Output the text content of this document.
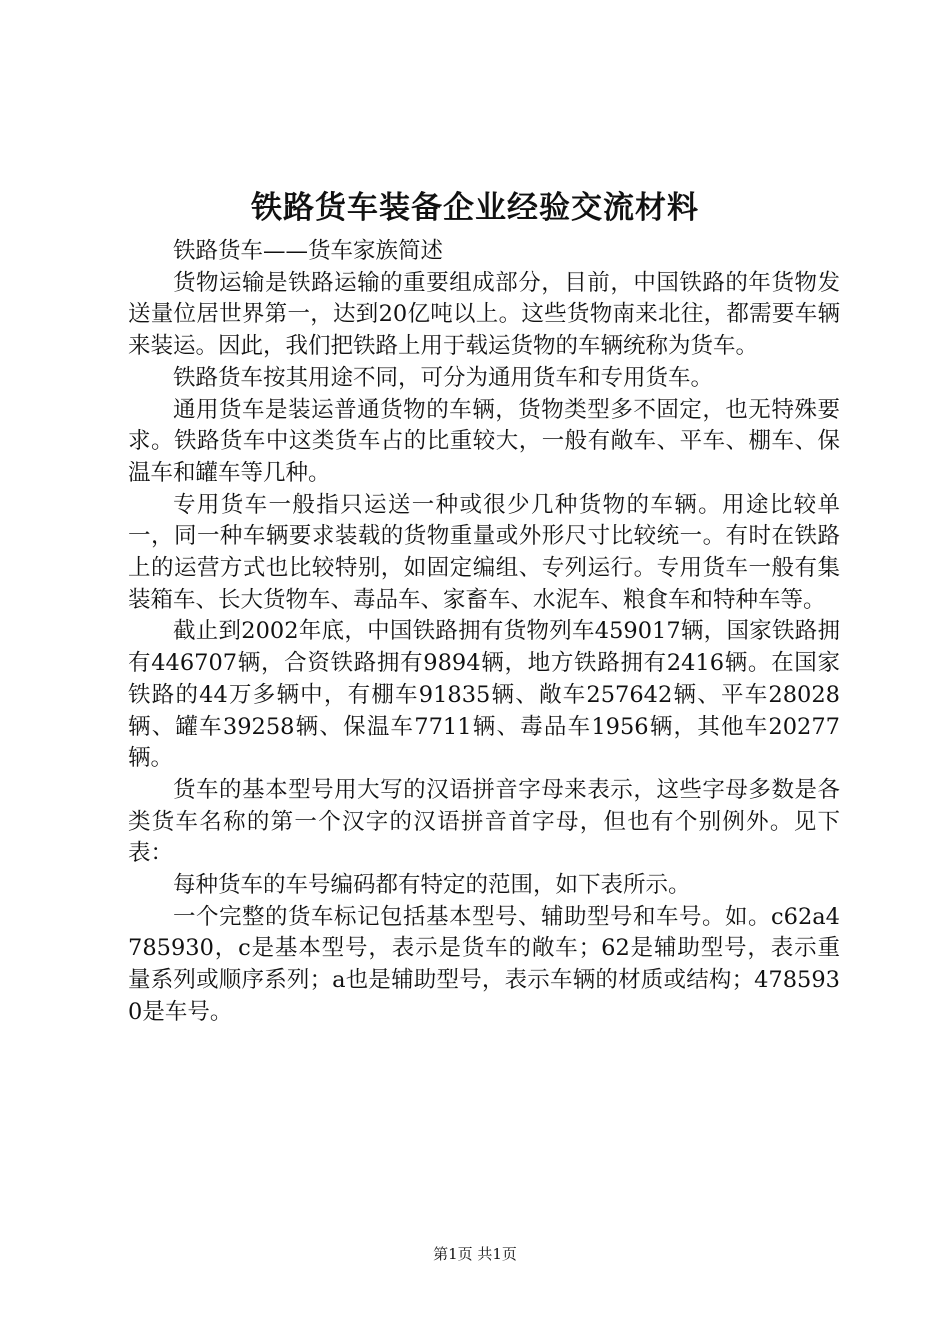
铁路货车装备企业经验交流材料

铁路货车——货车家族简述

货物运输是铁路运输的重要组成部分，目前，中国铁路的年货物发送量位居世界第一，达到20亿吨以上。这些货物南来北往，都需要车辆来装运。因此，我们把铁路上用于载运货物的车辆统称为货车。

铁路货车按其用途不同，可分为通用货车和专用货车。

通用货车是装运普通货物的车辆，货物类型多不固定，也无特殊要求。铁路货车中这类货车占的比重较大，一般有敞车、平车、棚车、保温车和罐车等几种。

专用货车一般指只运送一种或很少几种货物的车辆。用途比较单一，同一种车辆要求装载的货物重量或外形尺寸比较统一。有时在铁路上的运营方式也比较特别，如固定编组、专列运行。专用货车一般有集装箱车、长大货物车、毒品车、家畜车、水泥车、粮食车和特种车等。

截止到2002年底，中国铁路拥有货物列车459017辆，国家铁路拥有446707辆，合资铁路拥有9894辆，地方铁路拥有2416辆。在国家铁路的44万多辆中，有棚车91835辆、敞车257642辆、平车28028辆、罐车39258辆、保温车7711辆、毒品车1956辆，其他车20277辆。

货车的基本型号用大写的汉语拼音字母来表示，这些字母多数是各类货车名称的第一个汉字的汉语拼音首字母，但也有个别例外。见下表：

每种货车的车号编码都有特定的范围，如下表所示。

一个完整的货车标记包括基本型号、辅助型号和车号。如。c62a4785930，c是基本型号，表示是货车的敞车；62是辅助型号，表示重量系列或顺序系列；a也是辅助型号，表示车辆的材质或结构；4785930是车号。

第1页 共1页
